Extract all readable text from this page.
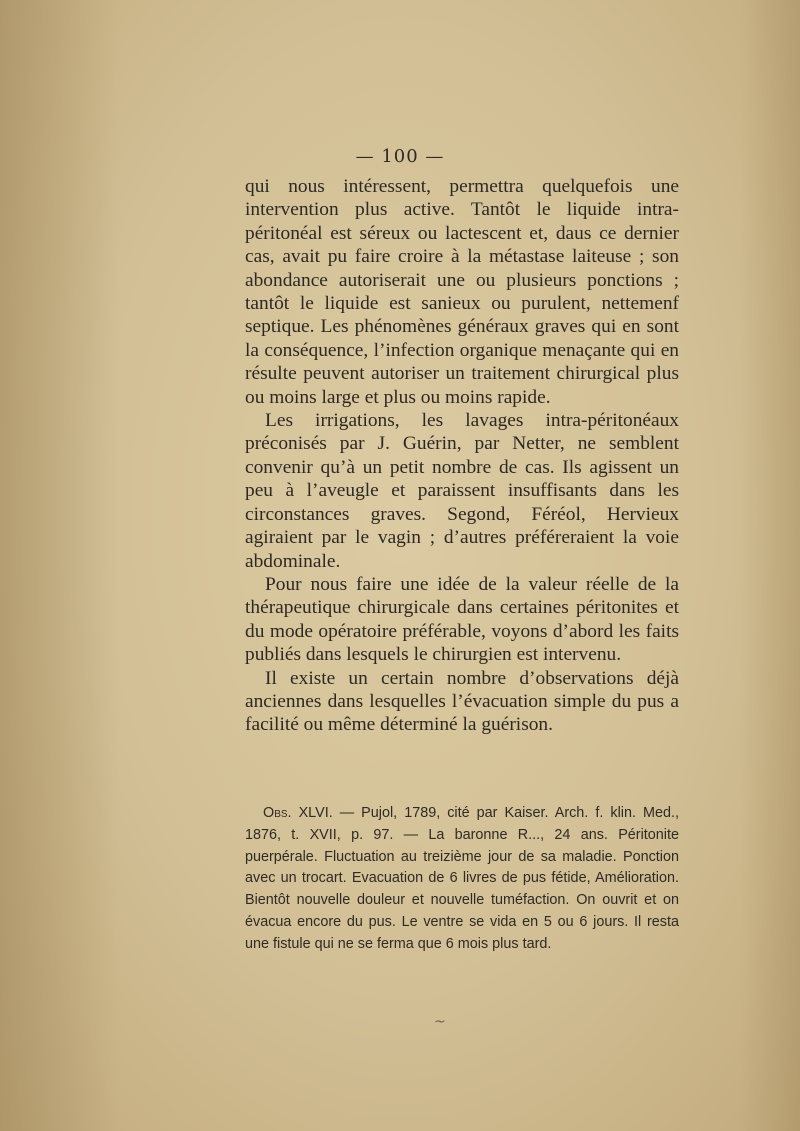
— 100 —

qui nous intéressent, permettra quelquefois une intervention plus active. Tantôt le liquide intra-péritonéal est séreux ou lactescent et, daus ce dernier cas, avait pu faire croire à la métastase laiteuse ; son abondance autoriserait une ou plusieurs ponctions ; tantôt le liquide est sanieux ou purulent, nettemenf septique. Les phénomènes généraux graves qui en sont la conséquence, l’infection organique menaçante qui en résulte peuvent autoriser un traitement chirurgical plus ou moins large et plus ou moins rapide.

Les irrigations, les lavages intra-péritonéaux préconisés par J. Guérin, par Netter, ne semblent convenir qu’à un petit nombre de cas. Ils agissent un peu à l’aveugle et paraissent insuffisants dans les circonstances graves. Segond, Féréol, Hervieux agiraient par le vagin ; d’autres préféreraient la voie abdominale.

Pour nous faire une idée de la valeur réelle de la thérapeutique chirurgicale dans certaines péritonites et du mode opératoire préférable, voyons d’abord les faits publiés dans lesquels le chirurgien est intervenu.

Il existe un certain nombre d’observations déjà anciennes dans lesquelles l’évacuation simple du pus a facilité ou même déterminé la guérison.

Obs. XLVI. — Pujol, 1789, cité par Kaiser. Arch. f. klin. Med., 1876, t. XVII, p. 97. — La baronne R..., 24 ans. Péritonite puerpérale. Fluctuation au treizième jour de sa maladie. Ponction avec un trocart. Evacuation de 6 livres de pus fétide, Amélioration. Bientôt nouvelle douleur et nouvelle tuméfaction. On ouvrit et on évacua encore du pus. Le ventre se vida en 5 ou 6 jours. Il resta une fistule qui ne se ferma que 6 mois plus tard.
~
